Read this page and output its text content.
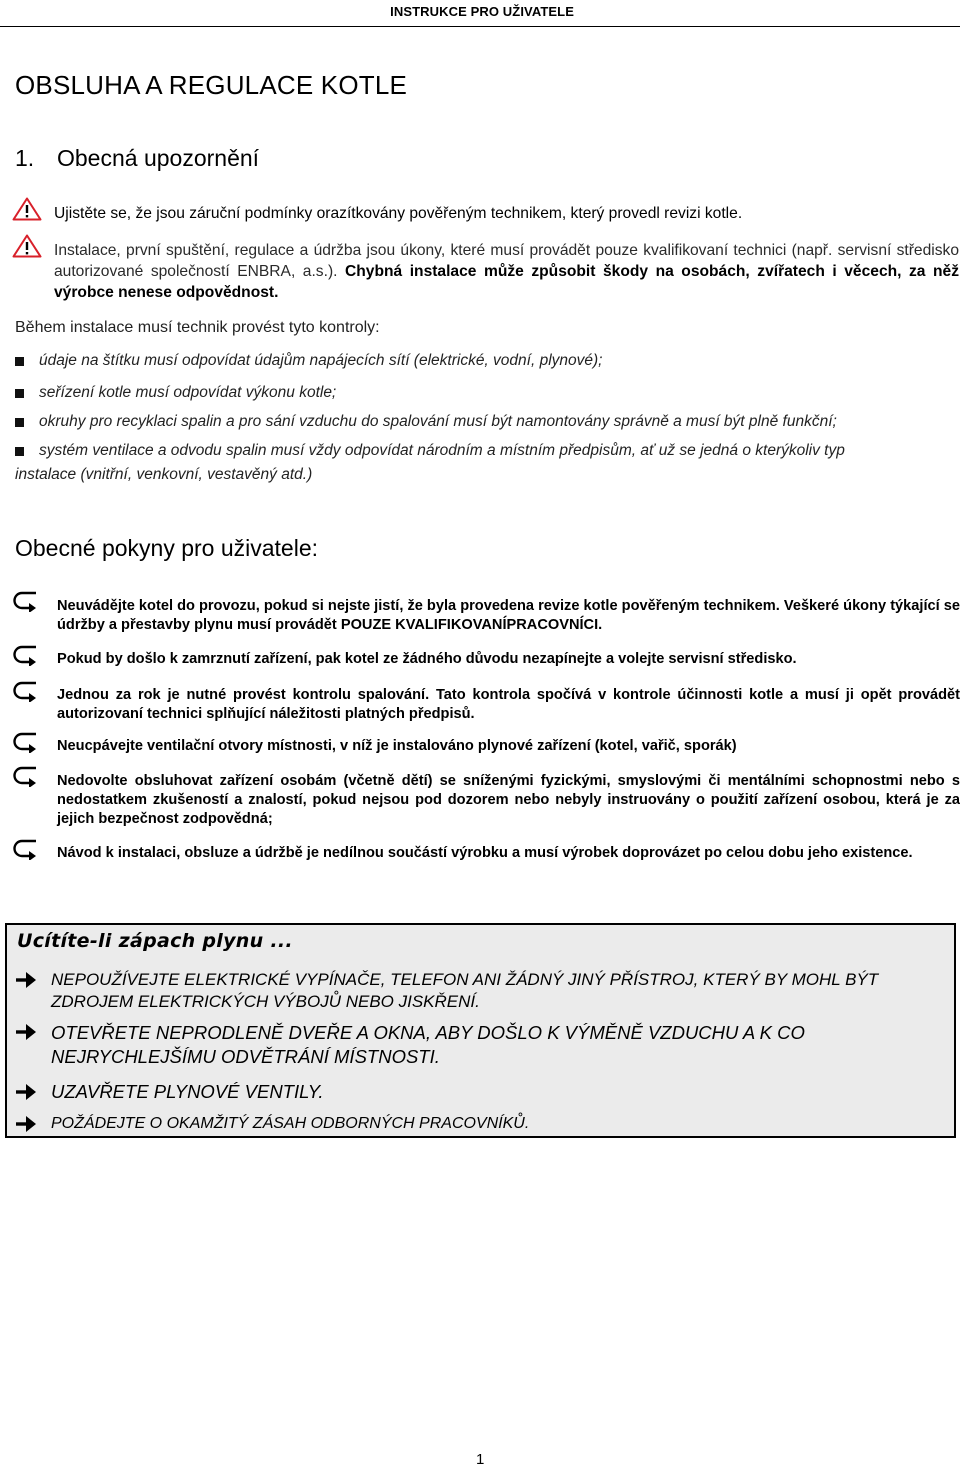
INSTRUKCE PRO UŽIVATELE
OBSLUHA A REGULACE KOTLE
1. Obecná upozornění
Ujistěte se, že jsou záruční podmínky orazítkovány pověřeným technikem, který provedl revizi kotle.
Instalace, první spuštění, regulace a údržba jsou úkony, které musí provádět pouze kvalifikovaní technici (např. servisní středisko autorizované společností ENBRA, a.s.). Chybná instalace může způsobit škody na osobách, zvířatech i věcech, za něž výrobce nenese odpovědnost.
Během instalace musí technik provést tyto kontroly:
údaje na štítku musí odpovídat údajům napájecích sítí (elektrické, vodní, plynové);
seřízení kotle musí odpovídat výkonu kotle;
okruhy pro recyklaci spalin a pro sání vzduchu do spalování musí být namontovány správně a musí být plně funkční;
systém ventilace a odvodu spalin musí vždy odpovídat národním a místním předpisům, ať už se jedná o kterýkoliv typ
instalace (vnitřní, venkovní, vestavěný atd.)
Obecné pokyny pro uživatele:
Neuvádějte kotel do provozu, pokud si nejste jistí, že byla provedena revize kotle pověřeným technikem. Veškeré úkony týkající se údržby a přestavby plynu musí provádět POUZE KVALIFIKOVANÍPRACOVNÍCI.
Pokud by došlo k zamrznutí zařízení, pak kotel ze žádného důvodu nezapínejte a volejte servisní středisko.
Jednou za rok je nutné provést kontrolu spalování. Tato kontrola spočívá v kontrole účinnosti kotle a musí ji opět provádět autorizovaní technici splňující náležitosti platných předpisů.
Neucpávejte ventilační otvory místnosti, v níž je instalováno plynové zařízení (kotel, vařič, sporák)
Nedovolte obsluhovat zařízení osobám (včetně dětí) se sníženými fyzickými, smyslovými či mentálními schopnostmi nebo s nedostatkem zkušeností a znalostí, pokud nejsou pod dozorem nebo nebyly instruovány o použití zařízení osobou, která je za jejich bezpečnost zodpovědná;
Návod k instalaci, obsluze a údržbě je nedílnou součástí výrobku a musí výrobek doprovázet po celou dobu jeho existence.
Ucítíte-li zápach plynu ...
NEPOUŽÍVEJTE ELEKTRICKÉ VYPÍNAČE, TELEFON ANI ŽÁDNÝ JINÝ PŘÍSTROJ, KTERÝ BY MOHL BÝT ZDROJEM ELEKTRICKÝCH VÝBOJŮ NEBO JISKŘENÍ.
OTEVŘETE NEPRODLENĚ DVEŘE A OKNA, ABY DOŠLO K VÝMĚNĚ VZDUCHU A K CO NEJRYCHLEJŠÍMU ODVĚTRÁNÍ MÍSTNOSTI.
UZAVŘETE PLYNOVÉ VENTILY.
POŽÁDEJTE O OKAMŽITÝ ZÁSAH ODBORNÝCH PRACOVNÍKŮ.
1
